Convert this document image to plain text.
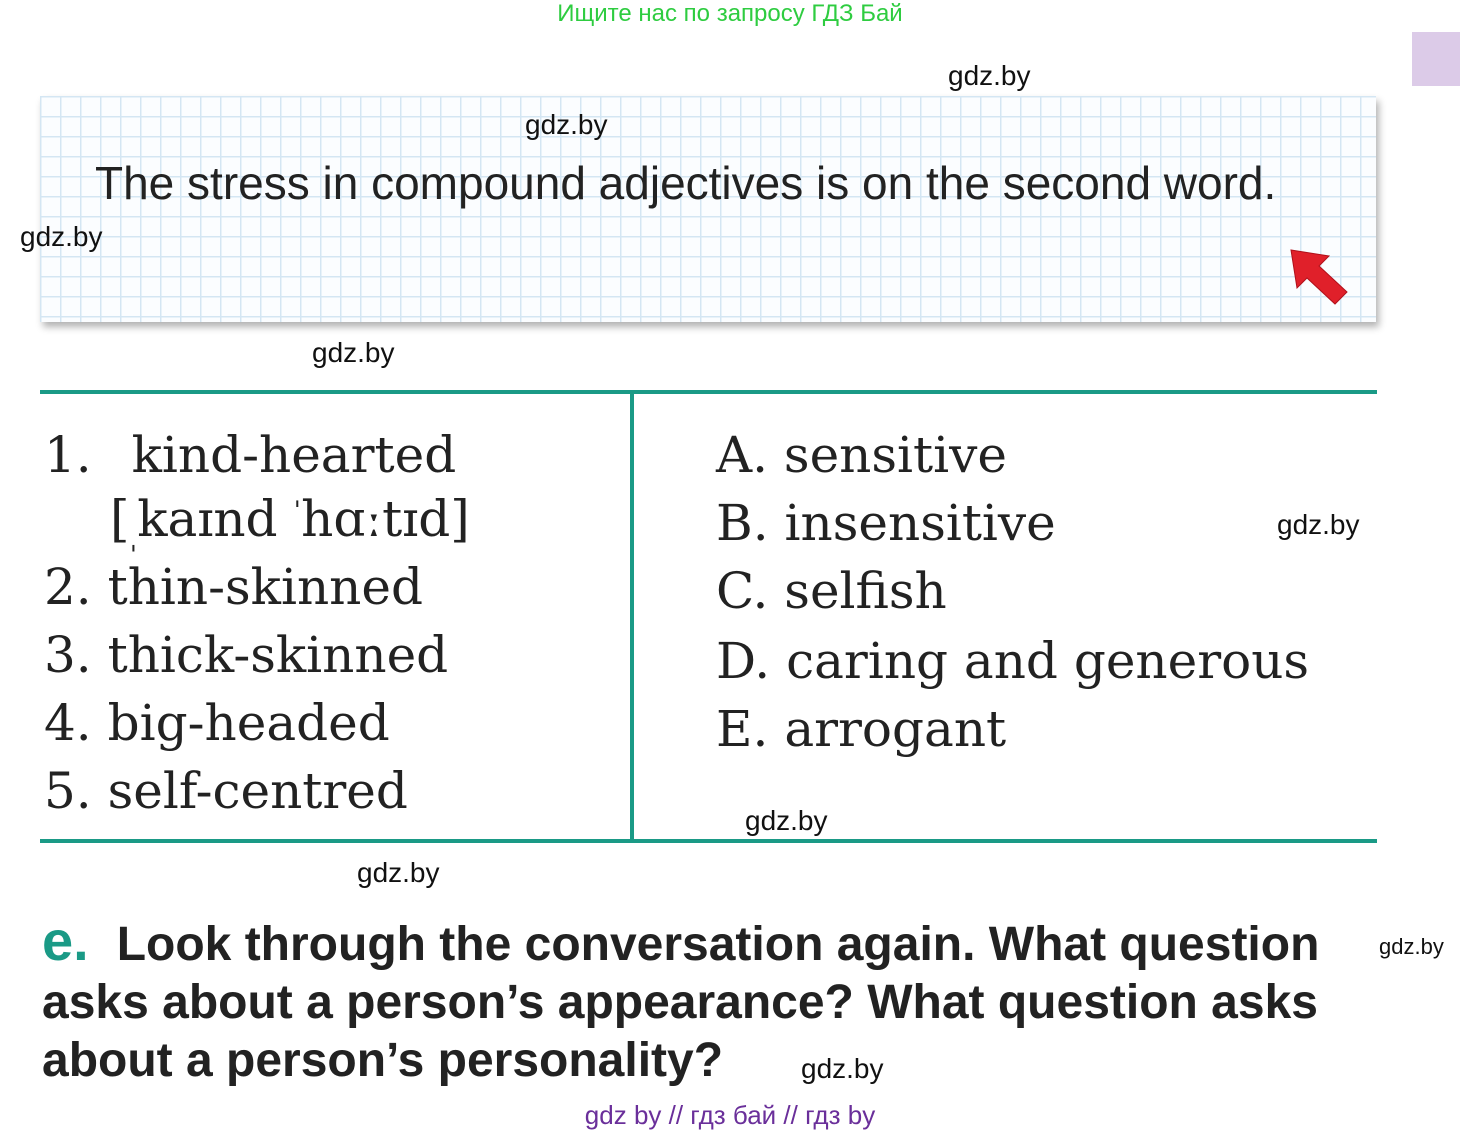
Ищите нас по запросу ГДЗ Бай
gdz.by
The stress in compound adjectives is on the second word.
gdz.by
gdz.by
gdz.by
1. kind-hearted
[$_ˌkaɪnd$ $^ˈ$hɑːtɪd]
2. thin-skinned
3. thick-skinned
4. big-headed
5. self-centred
A. sensitive
B. insensitive
C. selfish
D. caring and generous
E. arrogant
gdz.by
gdz.by
gdz.by
e. Look through the conversation again. What question asks about a person’s appearance? What question asks about a person’s personality?
gdz.by
gdz.by
gdz by // гдз бай // гдз by
